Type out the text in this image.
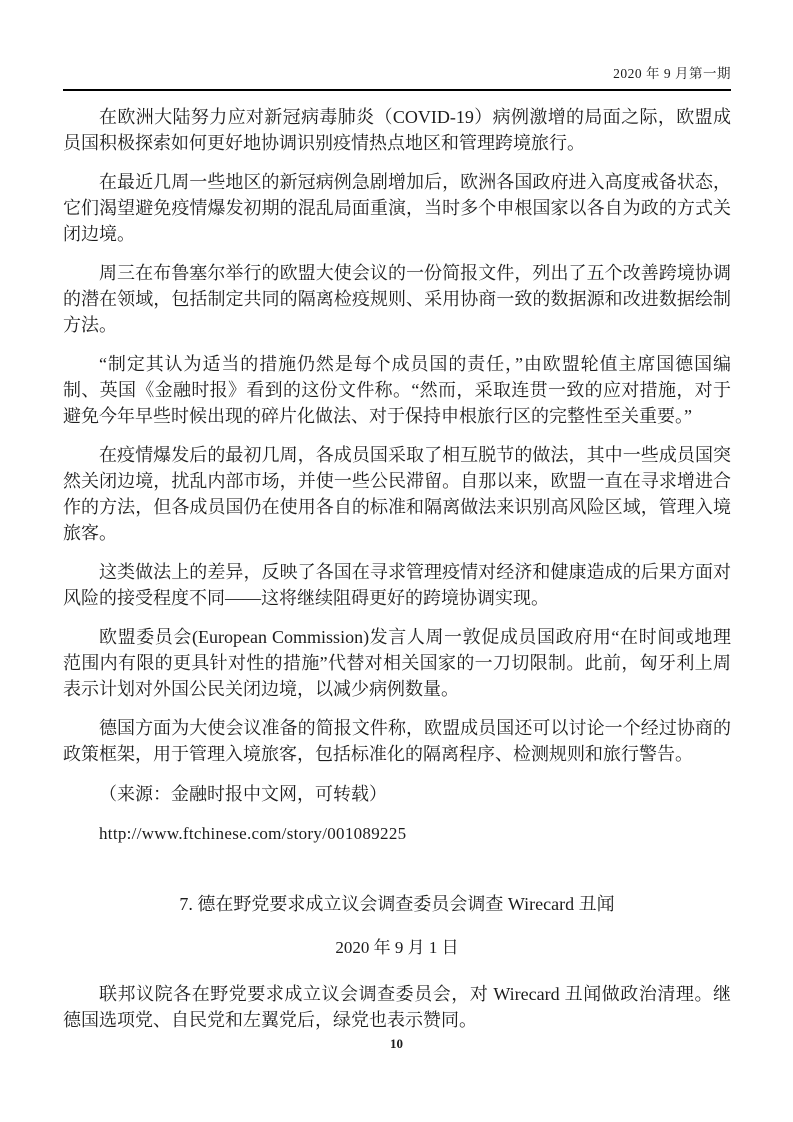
2020 年 9 月第一期

在欧洲大陆努力应对新冠病毒肺炎（COVID-19）病例激增的局面之际，欧盟成员国积极探索如何更好地协调识别疫情热点地区和管理跨境旅行。

在最近几周一些地区的新冠病例急剧增加后，欧洲各国政府进入高度戒备状态，它们渴望避免疫情爆发初期的混乱局面重演，当时多个申根国家以各自为政的方式关闭边境。

周三在布鲁塞尔举行的欧盟大使会议的一份简报文件，列出了五个改善跨境协调的潜在领域，包括制定共同的隔离检疫规则、采用协商一致的数据源和改进数据绘制方法。

“制定其认为适当的措施仍然是每个成员国的责任，”由欧盟轮值主席国德国编制、英国《金融时报》看到的这份文件称。“然而，采取连贯一致的应对措施，对于避免今年早些时候出现的碎片化做法、对于保持申根旅行区的完整性至关重要。”

在疫情爆发后的最初几周，各成员国采取了相互脱节的做法，其中一些成员国突然关闭边境，扰乱内部市场，并使一些公民滞留。自那以来，欧盟一直在寻求增进合作的方法，但各成员国仍在使用各自的标准和隔离做法来识别高风险区域，管理入境旅客。

这类做法上的差异，反映了各国在寻求管理疫情对经济和健康造成的后果方面对风险的接受程度不同——这将继续阻碍更好的跨境协调实现。

欧盟委员会(European Commission)发言人周一敦促成员国政府用“在时间或地理范围内有限的更具针对性的措施”代替对相关国家的一刀切限制。此前，匈牙利上周表示计划对外国公民关闭边境，以减少病例数量。

德国方面为大使会议准备的简报文件称，欧盟成员国还可以讨论一个经过协商的政策框架，用于管理入境旅客，包括标准化的隔离程序、检测规则和旅行警告。

（来源：金融时报中文网，可转载）

http://www.ftchinese.com/story/001089225

7. 德在野党要求成立议会调查委员会调查 Wirecard 丑闻

2020 年 9 月 1 日

联邦议院各在野党要求成立议会调查委员会，对 Wirecard 丑闻做政治清理。继德国选项党、自民党和左翼党后，绿党也表示赞同。

10
